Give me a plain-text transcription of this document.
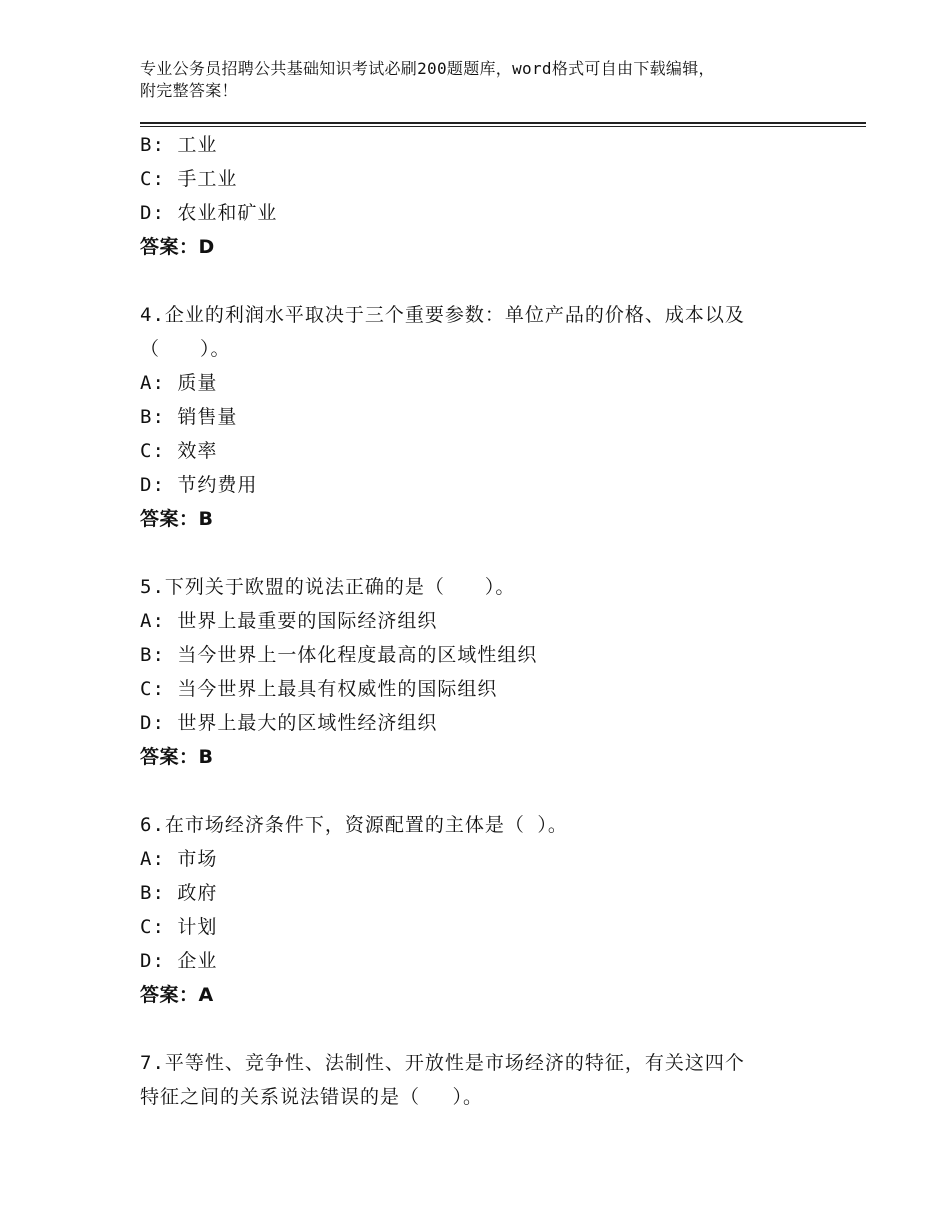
专业公务员招聘公共基础知识考试必刷200题题库，word格式可自由下载编辑，
附完整答案！
B: 工业
C: 手工业
D: 农业和矿业
答案：D
4.企业的利润水平取决于三个重要参数：单位产品的价格、成本以及
（　　）。
A: 质量
B: 销售量
C: 效率
D: 节约费用
答案：B
5.下列关于欧盟的说法正确的是（　　）。
A: 世界上最重要的国际经济组织
B: 当今世界上一体化程度最高的区域性组织
C: 当今世界上最具有权威性的国际组织
D: 世界上最大的区域性经济组织
答案：B
6.在市场经济条件下，资源配置的主体是（ ）。
A: 市场
B: 政府
C: 计划
D: 企业
答案：A
7.平等性、竞争性、法制性、开放性是市场经济的特征，有关这四个
特征之间的关系说法错误的是（　 ）。
